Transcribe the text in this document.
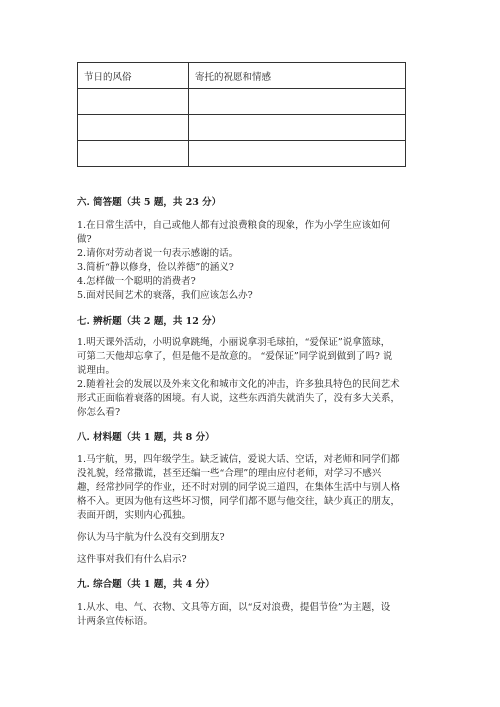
节日的风俗	寄托的祝愿和情感

六. 简答题（共 5 题，共 23 分）
1.在日常生活中，自己或他人都有过浪费粮食的现象，作为小学生应该如何
做?
2.请你对劳动者说一句表示感谢的话。
3.简析“静以修身，俭以养德”的涵义?
4.怎样做一个聪明的消费者?
5.面对民间艺术的衰落，我们应该怎么办?
七. 辨析题（共 2 题，共 12 分）
1.明天课外活动，小明说拿跳绳，小丽说拿羽毛球拍，“爱保证”说拿篮球，
可第二天他却忘拿了，但是他不是故意的。 “爱保证”同学说到做到了吗? 说
说理由。
2.随着社会的发展以及外来文化和城市文化的冲击，许多独具特色的民间艺术
形式正面临着衰落的困境。有人说，这些东西消失就消失了，没有多大关系，
你怎么看?
八. 材料题（共 1 题，共 8 分）
1.马宇航，男，四年级学生。缺乏诚信，爱说大话、空话，对老师和同学们都
没礼貌，经常撒谎，甚至还编一些“合理”的理由应付老师，对学习不感兴
趣，经常抄同学的作业，还不时对别的同学说三道四，在集体生活中与别人格
格不入。更因为他有这些坏习惯，同学们都不愿与他交往，缺少真正的朋友，
表面开朗，实则内心孤独。
你认为马宇航为什么没有交到朋友?
这件事对我们有什么启示?
九. 综合题（共 1 题，共 4 分）
1.从水、电、气、衣物、文具等方面，以“反对浪费，提倡节俭”为主题，设
计两条宣传标语。
